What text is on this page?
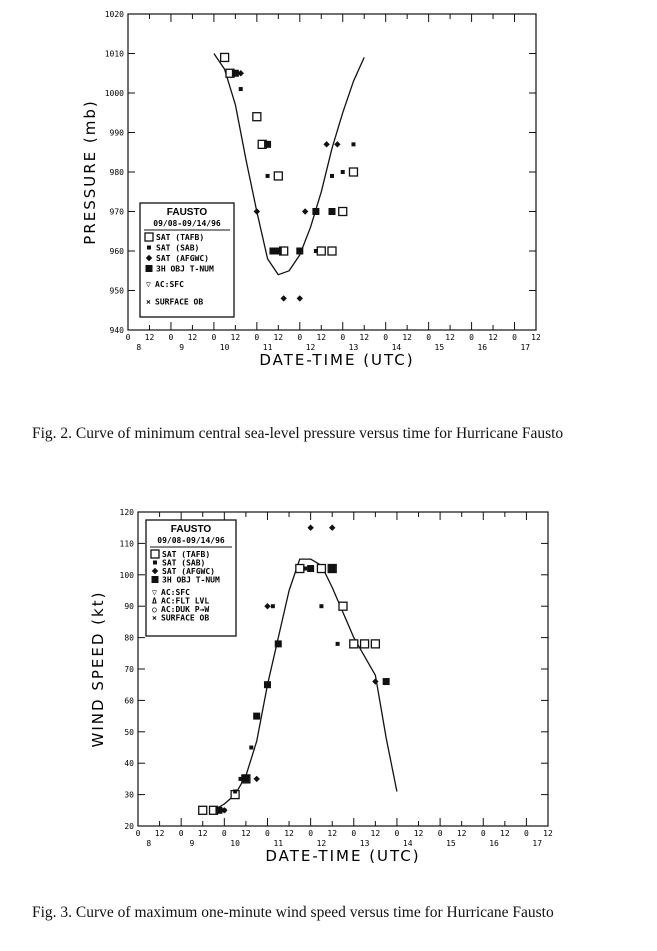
940
950
960
970
980
990
1000
1010
1020
0 12 0 12 0 12 0 12 0 12 0 12 0 12 0 12 0 12 0 12
8	9	10	11	12	13	14	15	16	17
DATE-TIME (UTC)
PRESSURE (mb)	FAUSTO
09/08-09/14/96
SAT (TAFB)
SAT (SAB)
SAT (AFGWC)
3H OBJ T-NUM
▽ AC:SFC
× SURFACE OB
Fig. 2. Curve of minimum central sea-level pressure versus time for Hurricane Fausto
20
30
40
50
60
70
80
90
100
110
120
0 12 0 12 0 12 0 12 0 12 0 12 0 12 0 12 0 12 0 12
8	9	10	11	12	13	14	15	16	17
DATE-TIME (UTC)
WIND SPEED (kt)
FAUSTO
09/08-09/14/96
SAT (TAFB)
SAT (SAB)
SAT (AFGWC)
3H OBJ T-NUM
▽ AC:SFC
Δ AC:FLT LVL
○ AC:DUK P→W
× SURFACE OB
Fig. 3. Curve of maximum one-minute wind speed versus time for Hurricane Fausto
